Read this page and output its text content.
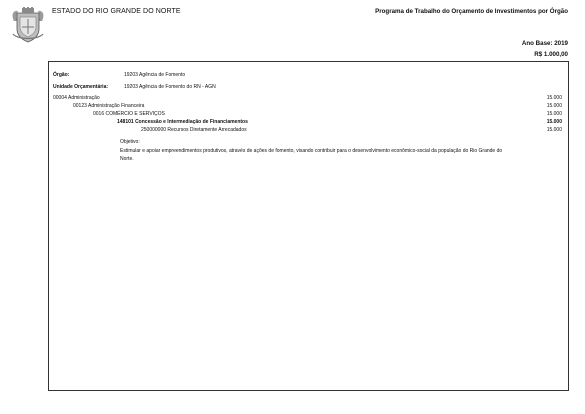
ESTADO DO RIO GRANDE DO NORTE	Programa de Trabalho do Orçamento de Investimentos por Órgão
Ano Base: 2019
R$ 1.000,00
Órgão:	19203 Agência de Fomento
Unidade Orçamentária:	19203 Agência de Fomento do RN - AGN
00004 Administração	15.000
00123 Administração Financeira	15.000
0016 COMÉRCIO E SERVIÇOS	15.000
148101 Concessão e Intermediação de Financiamentos	15.000
250000000 Recursos Diretamente Arrecadados	15.000
Objetivo:
Estimular e apoiar empreendimentos produtivos, através de ações de fomento, visando contribuir para o desenvolvimento econômico-social da população do Rio Grande do Norte.
